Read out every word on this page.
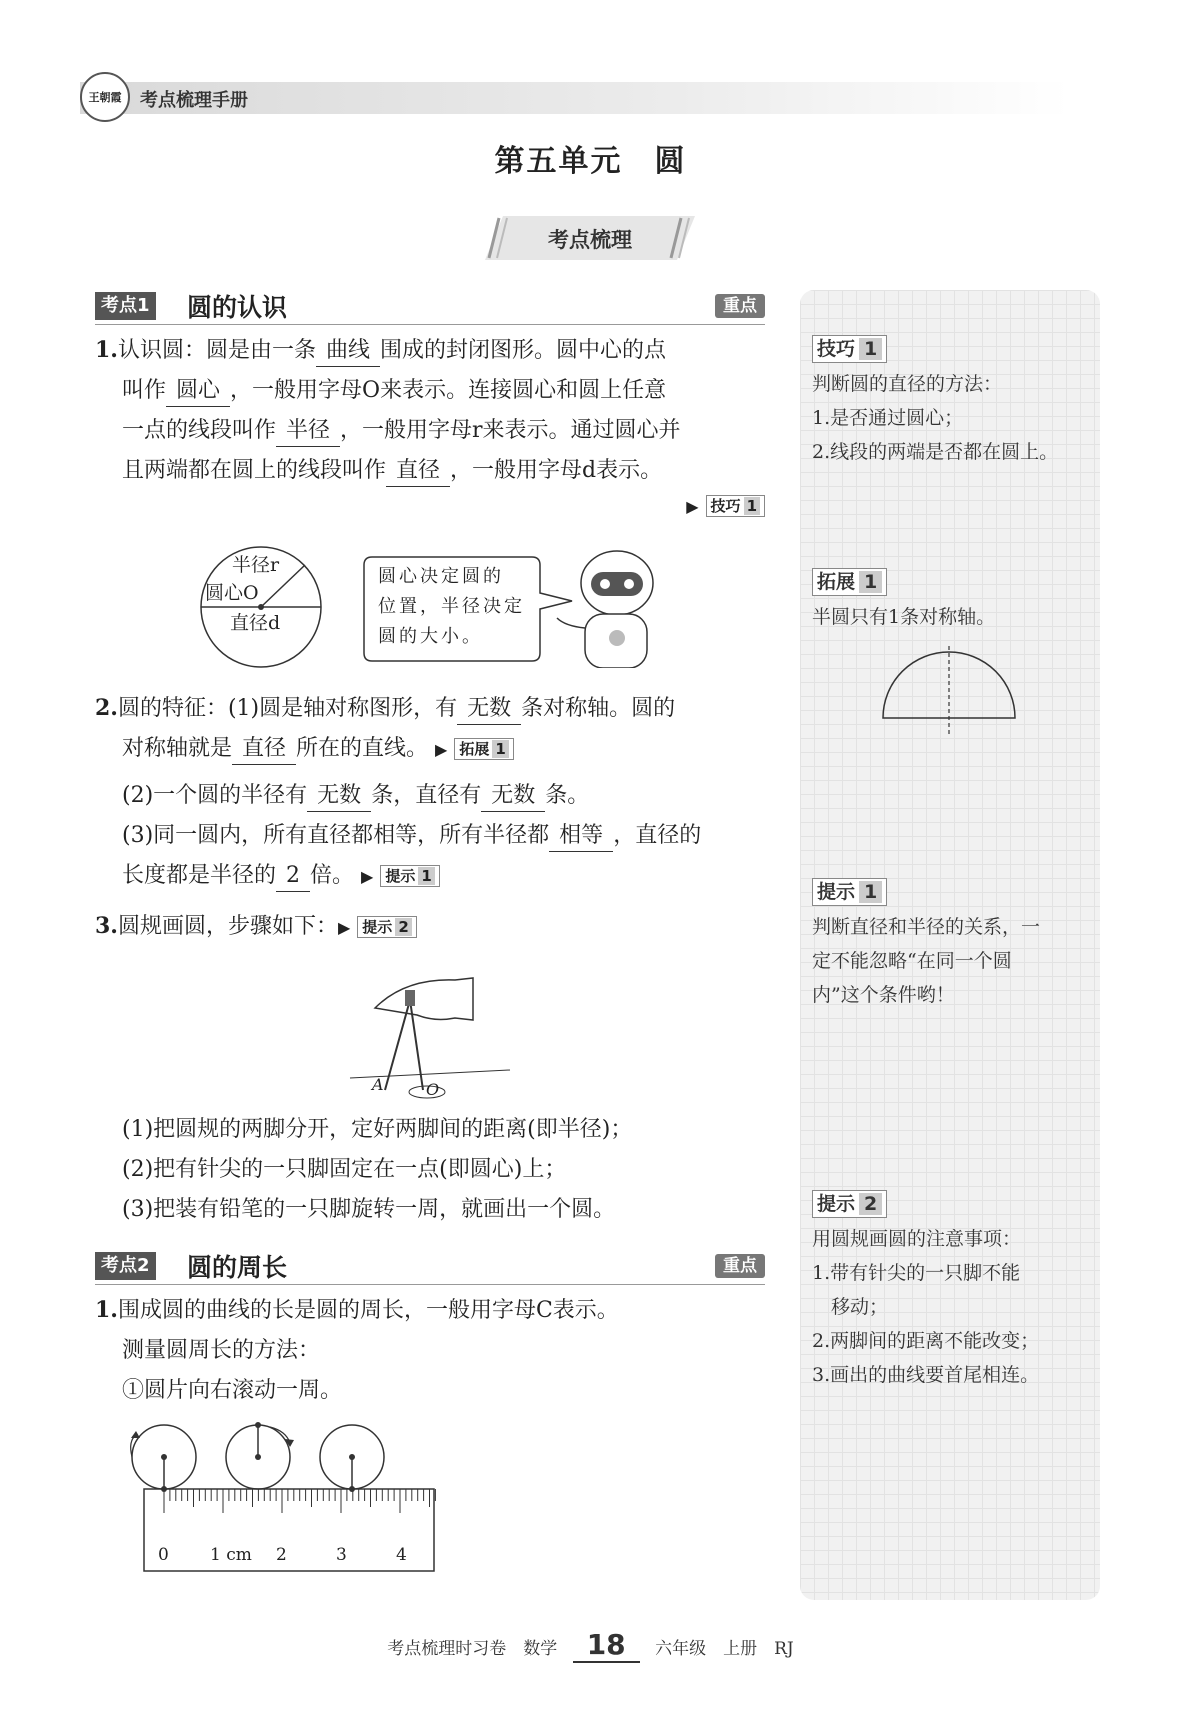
王朝霞 考点梳理手册
第五单元　圆
考点梳理
考点1 圆的认识	重点
1.认识圆：圆是由一条 曲线 围成的封闭图形。圆中心的点
叫作 圆心 ，一般用字母O来表示。连接圆心和圆上任意
一点的线段叫作 半径 ，一般用字母r来表示。通过圆心并
且两端都在圆上的线段叫作 直径 ，一般用字母d表示。
▶ 技巧 1
半径r
圆心O
直径d
圆心决定圆的
位置，半径决定
圆的大小。
2.圆的特征：(1)圆是轴对称图形，有 无数 条对称轴。圆的
对称轴就是 直径 所在的直线。 ▶ 拓展 1
(2)一个圆的半径有 无数 条，直径有 无数 条。
(3)同一圆内，所有直径都相等，所有半径都 相等 ，直径的
长度都是半径的 2 倍。 ▶ 提示 1
3.圆规画圆，步骤如下：▶ 提示 2
A	O
(1)把圆规的两脚分开，定好两脚间的距离(即半径)；
(2)把有针尖的一只脚固定在一点(即圆心)上；
(3)把装有铅笔的一只脚旋转一周，就画出一个圆。
考点2 圆的周长	重点
1.围成圆的曲线的长是圆的周长，一般用字母C表示。
测量圆周长的方法：
①圆片向右滚动一周。
0 1 cm 2	3	4
技巧 1
判断圆的直径的方法：
1.是否通过圆心；
2.线段的两端是否都在圆上。
拓展 1
半圆只有1条对称轴。
提示 1
判断直径和半径的关系，一
定不能忽略“在同一个圆
内”这个条件哟！
提示 2
用圆规画圆的注意事项：
1.带有针尖的一只脚不能
　移动；
2.两脚间的距离不能改变；
3.画出的曲线要首尾相连。
考点梳理时习卷　数学 18 六年级　上册　RJ
